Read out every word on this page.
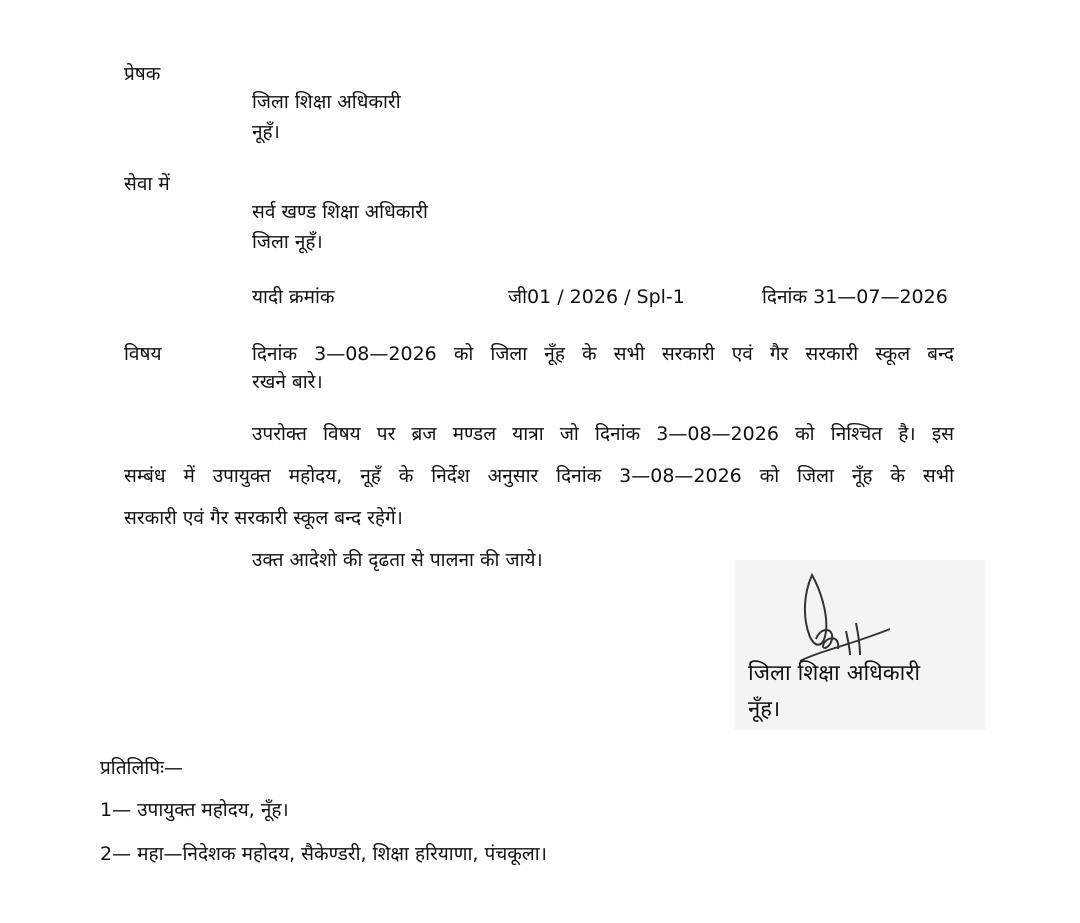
प्रेषक
जिला शिक्षा अधिकारी
नूहँ।
सेवा में
सर्व खण्ड शिक्षा अधिकारी
जिला नूहँ।
यादी क्रमांक	जी01 / 2026 / Spl-1	दिनांक 31—07—2026
विषय	दिनांक 3—08—2026 को जिला नूँह के सभी सरकारी एवं गैर सरकारी स्कूल बन्द
रखने बारे।
उपरोक्त विषय पर ब्रज मण्डल यात्रा जो दिनांक 3—08—2026 को निश्चित है। इस
सम्बंध में उपायुक्त महोदय, नूहँ के निर्देश अनुसार दिनांक 3—08—2026 को जिला नूँह के सभी
सरकारी एवं गैर सरकारी स्कूल बन्द रहेगें।
उक्त आदेशो की दृढता से पालना की जाये।
जिला शिक्षा अधिकारी
नूँह।
प्रतिलिपिः—
1— उपायुक्त महोदय, नूँह।
2— महा—निदेशक महोदय, सैकेण्डरी, शिक्षा हरियाणा, पंचकूला।
